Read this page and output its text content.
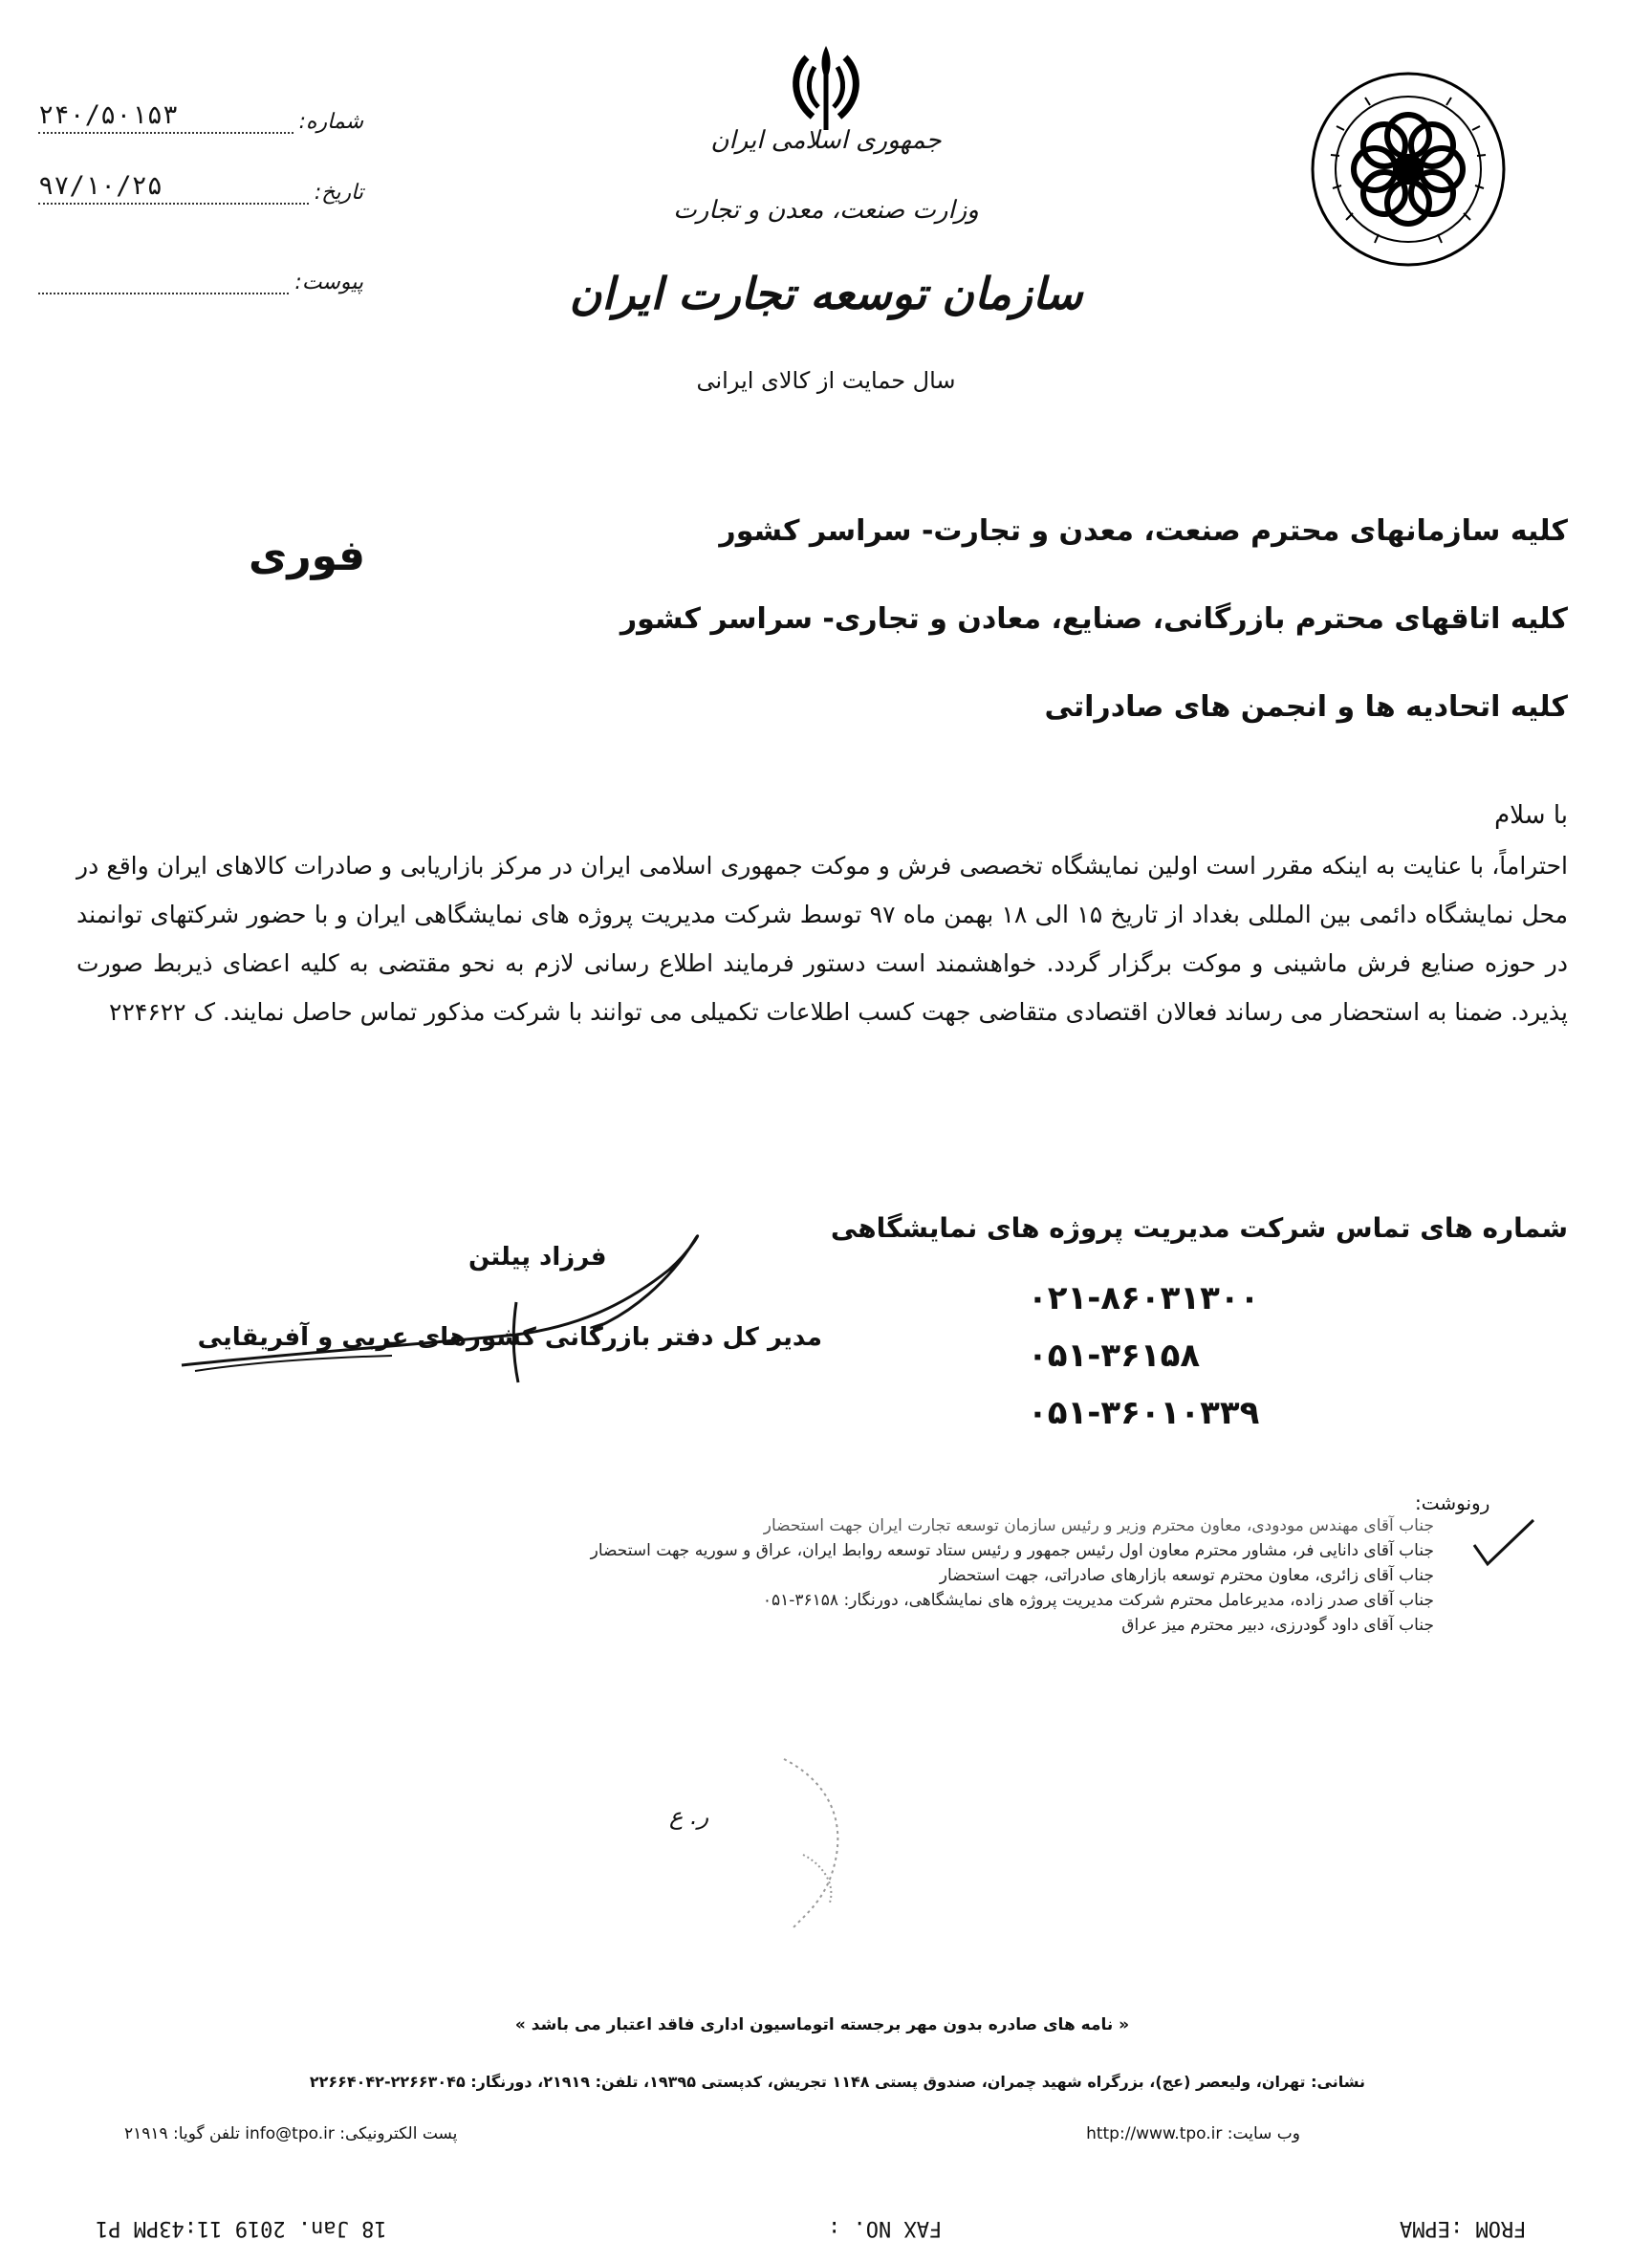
شماره:
۲۴۰/۵۰۱۵۳
تاریخ:
۹۷/۱۰/۲۵
پیوست:
جمهوری اسلامی ایران
وزارت صنعت، معدن و تجارت
سازمان توسعه تجارت ایران
سال حمایت از کالای ایرانی
فوری
کلیه سازمانهای محترم صنعت، معدن و تجارت- سراسر کشور
کلیه اتاقهای محترم بازرگانی، صنایع، معادن و تجاری- سراسر کشور
کلیه اتحادیه ها و انجمن های صادراتی
با سلام
احتراماً، با عنایت به اینکه مقرر است اولین نمایشگاه تخصصی فرش و موکت جمهوری اسلامی ایران در مرکز بازاریابی و صادرات کالاهای ایران واقع در محل نمایشگاه دائمی بین المللی بغداد از تاریخ ۱۵ الی ۱۸ بهمن ماه ۹۷ توسط شرکت مدیریت پروژه های نمایشگاهی ایران و با حضور شرکتهای توانمند در حوزه صنایع فرش ماشینی و موکت برگزار گردد. خواهشمند است دستور فرمایند اطلاع رسانی لازم به نحو مقتضی به کلیه اعضای ذیربط صورت پذیرد. ضمنا به استحضار می رساند فعالان اقتصادی متقاضی جهت کسب اطلاعات تکمیلی می توانند با شرکت مذکور تماس حاصل نمایند. ک ۲۲۴۶۲۲
شماره های تماس شرکت مدیریت پروژه های نمایشگاهی
۰۲۱-۸۶۰۳۱۳۰۰
۰۵۱-۳۶۱۵۸
۰۵۱-۳۶۰۱۰۳۳۹
فرزاد پیلتن
مدیر کل دفتر بازرگانی کشورهای عربی و آفریقایی
رونوشت:
جناب آقای مهندس مودودی، معاون محترم وزیر و رئیس سازمان توسعه تجارت ایران جهت استحضار
جناب آقای دانایی فر، مشاور محترم معاون اول رئیس جمهور و رئیس ستاد توسعه روابط ایران، عراق و سوریه جهت استحضار
جناب آقای زائری، معاون محترم توسعه بازارهای صادراتی، جهت استحضار
جناب آقای صدر زاده، مدیرعامل محترم شرکت مدیریت پروژه های نمایشگاهی، دورنگار: ۳۶۱۵۸-۰۵۱
جناب آقای داود گودرزی، دبیر محترم میز عراق
ر. ع
« نامه های صادره بدون مهر برجسته اتوماسیون اداری فاقد اعتبار می باشد »
نشانی: تهران، ولیعصر (عج)، بزرگراه شهید چمران، صندوق پستی ۱۱۴۸ تجریش، کدپستی ۱۹۳۹۵، تلفن: ۲۱۹۱۹، دورنگار: ۲۲۶۶۳۰۴۵-۲۲۶۶۴۰۴۲
پست الکترونیکی: info@tpo.ir تلفن گویا: ۲۱۹۱۹	وب سایت: http://www.tpo.ir
18 Jan. 2019 11:43PM P1	FAX NO. :	FROM :EPMA
